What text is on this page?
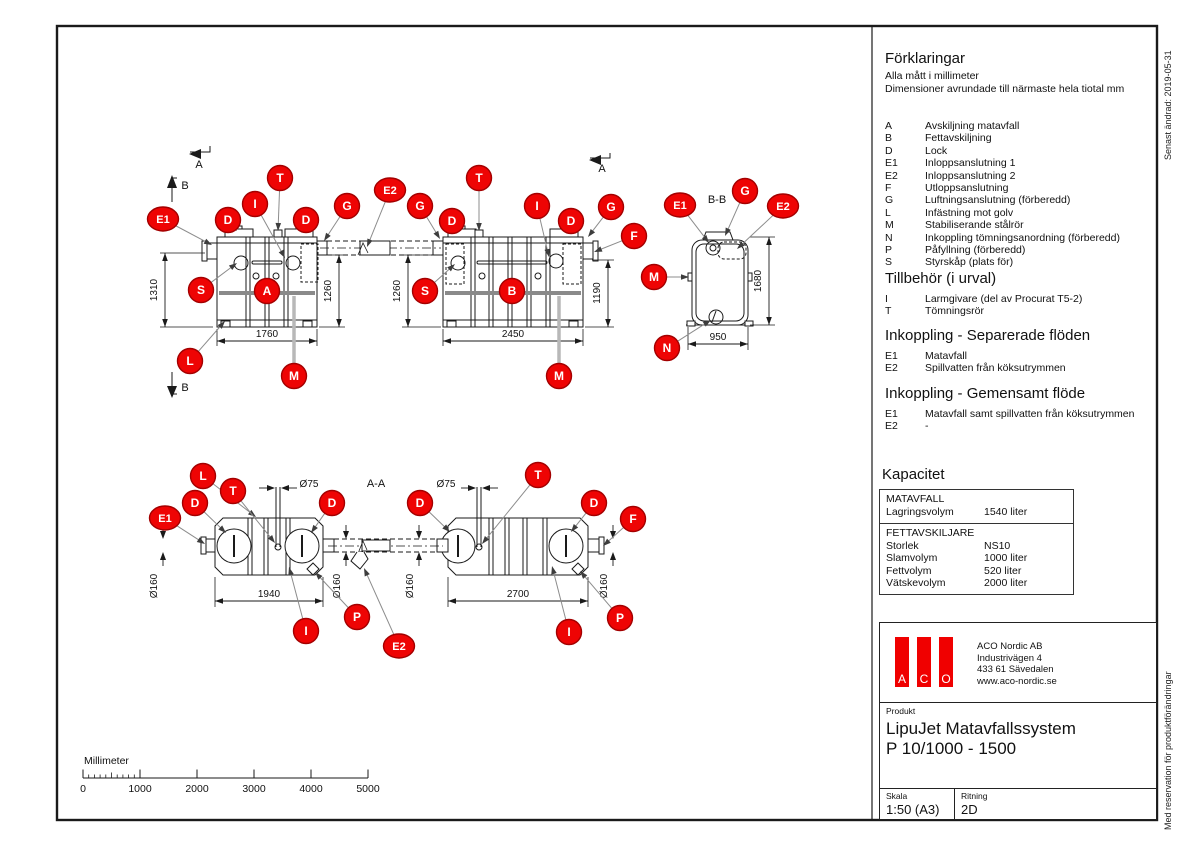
1310	1260	1260	1190
1680
1760	2450	950
1940	2700
Ø75	Ø75
Ø160	Ø160	Ø160	Ø160
A-A
B-B
A
B
B
A
E1	D
I
T
D
G
E2
S	A
L
M
G
D
T
I
D
G
F
S	B
M
E1
G
E2
M
N
L
T
D
E1
D
P
I
E2
T
D	D
F
I
P
Millimeter
0	1000	2000	3000	4000	5000
Förklaringar
Alla mått i millimeter
Dimensioner avrundade till närmaste hela tiotal mm
A	Avskiljning matavfall
B	Fettavskiljning
D	Lock
E1	Inloppsanslutning 1
E2	Inloppsanslutning 2
F	Utloppsanslutning
G	Luftningsanslutning (förberedd)
L	Infästning mot golv
M	Stabiliserande stålrör
N	Inkoppling tömningsanordning (förberedd)
P	Påfyllning (förberedd)
S	Styrskåp (plats för)
Tillbehör (i urval)
I	Larmgivare (del av Procurat T5-2)
T	Tömningsrör
Inkoppling - Separerade flöden
E1	Matavfall
E2	Spillvatten från köksutrymmen
Inkoppling - Gemensamt flöde
E1	Matavfall samt spillvatten från köksutrymmen
E2	-
Kapacitet
MATAVFALL
Lagringsvolym	1540 liter
FETTAVSKILJARE
Storlek	NS10
Slamvolym	1000 liter
Fettvolym	520 liter
Vätskevolym	2000 liter
A C O
ACO Nordic AB
Industrivägen 4
433 61 Sävedalen
www.aco-nordic.se
Produkt
LipuJet Matavfallssystem
P 10/1000 - 1500
Skala
1:50 (A3)
Ritning
2D
Senast ändrad: 2019-05-31
Med reservation för produktförändringar
